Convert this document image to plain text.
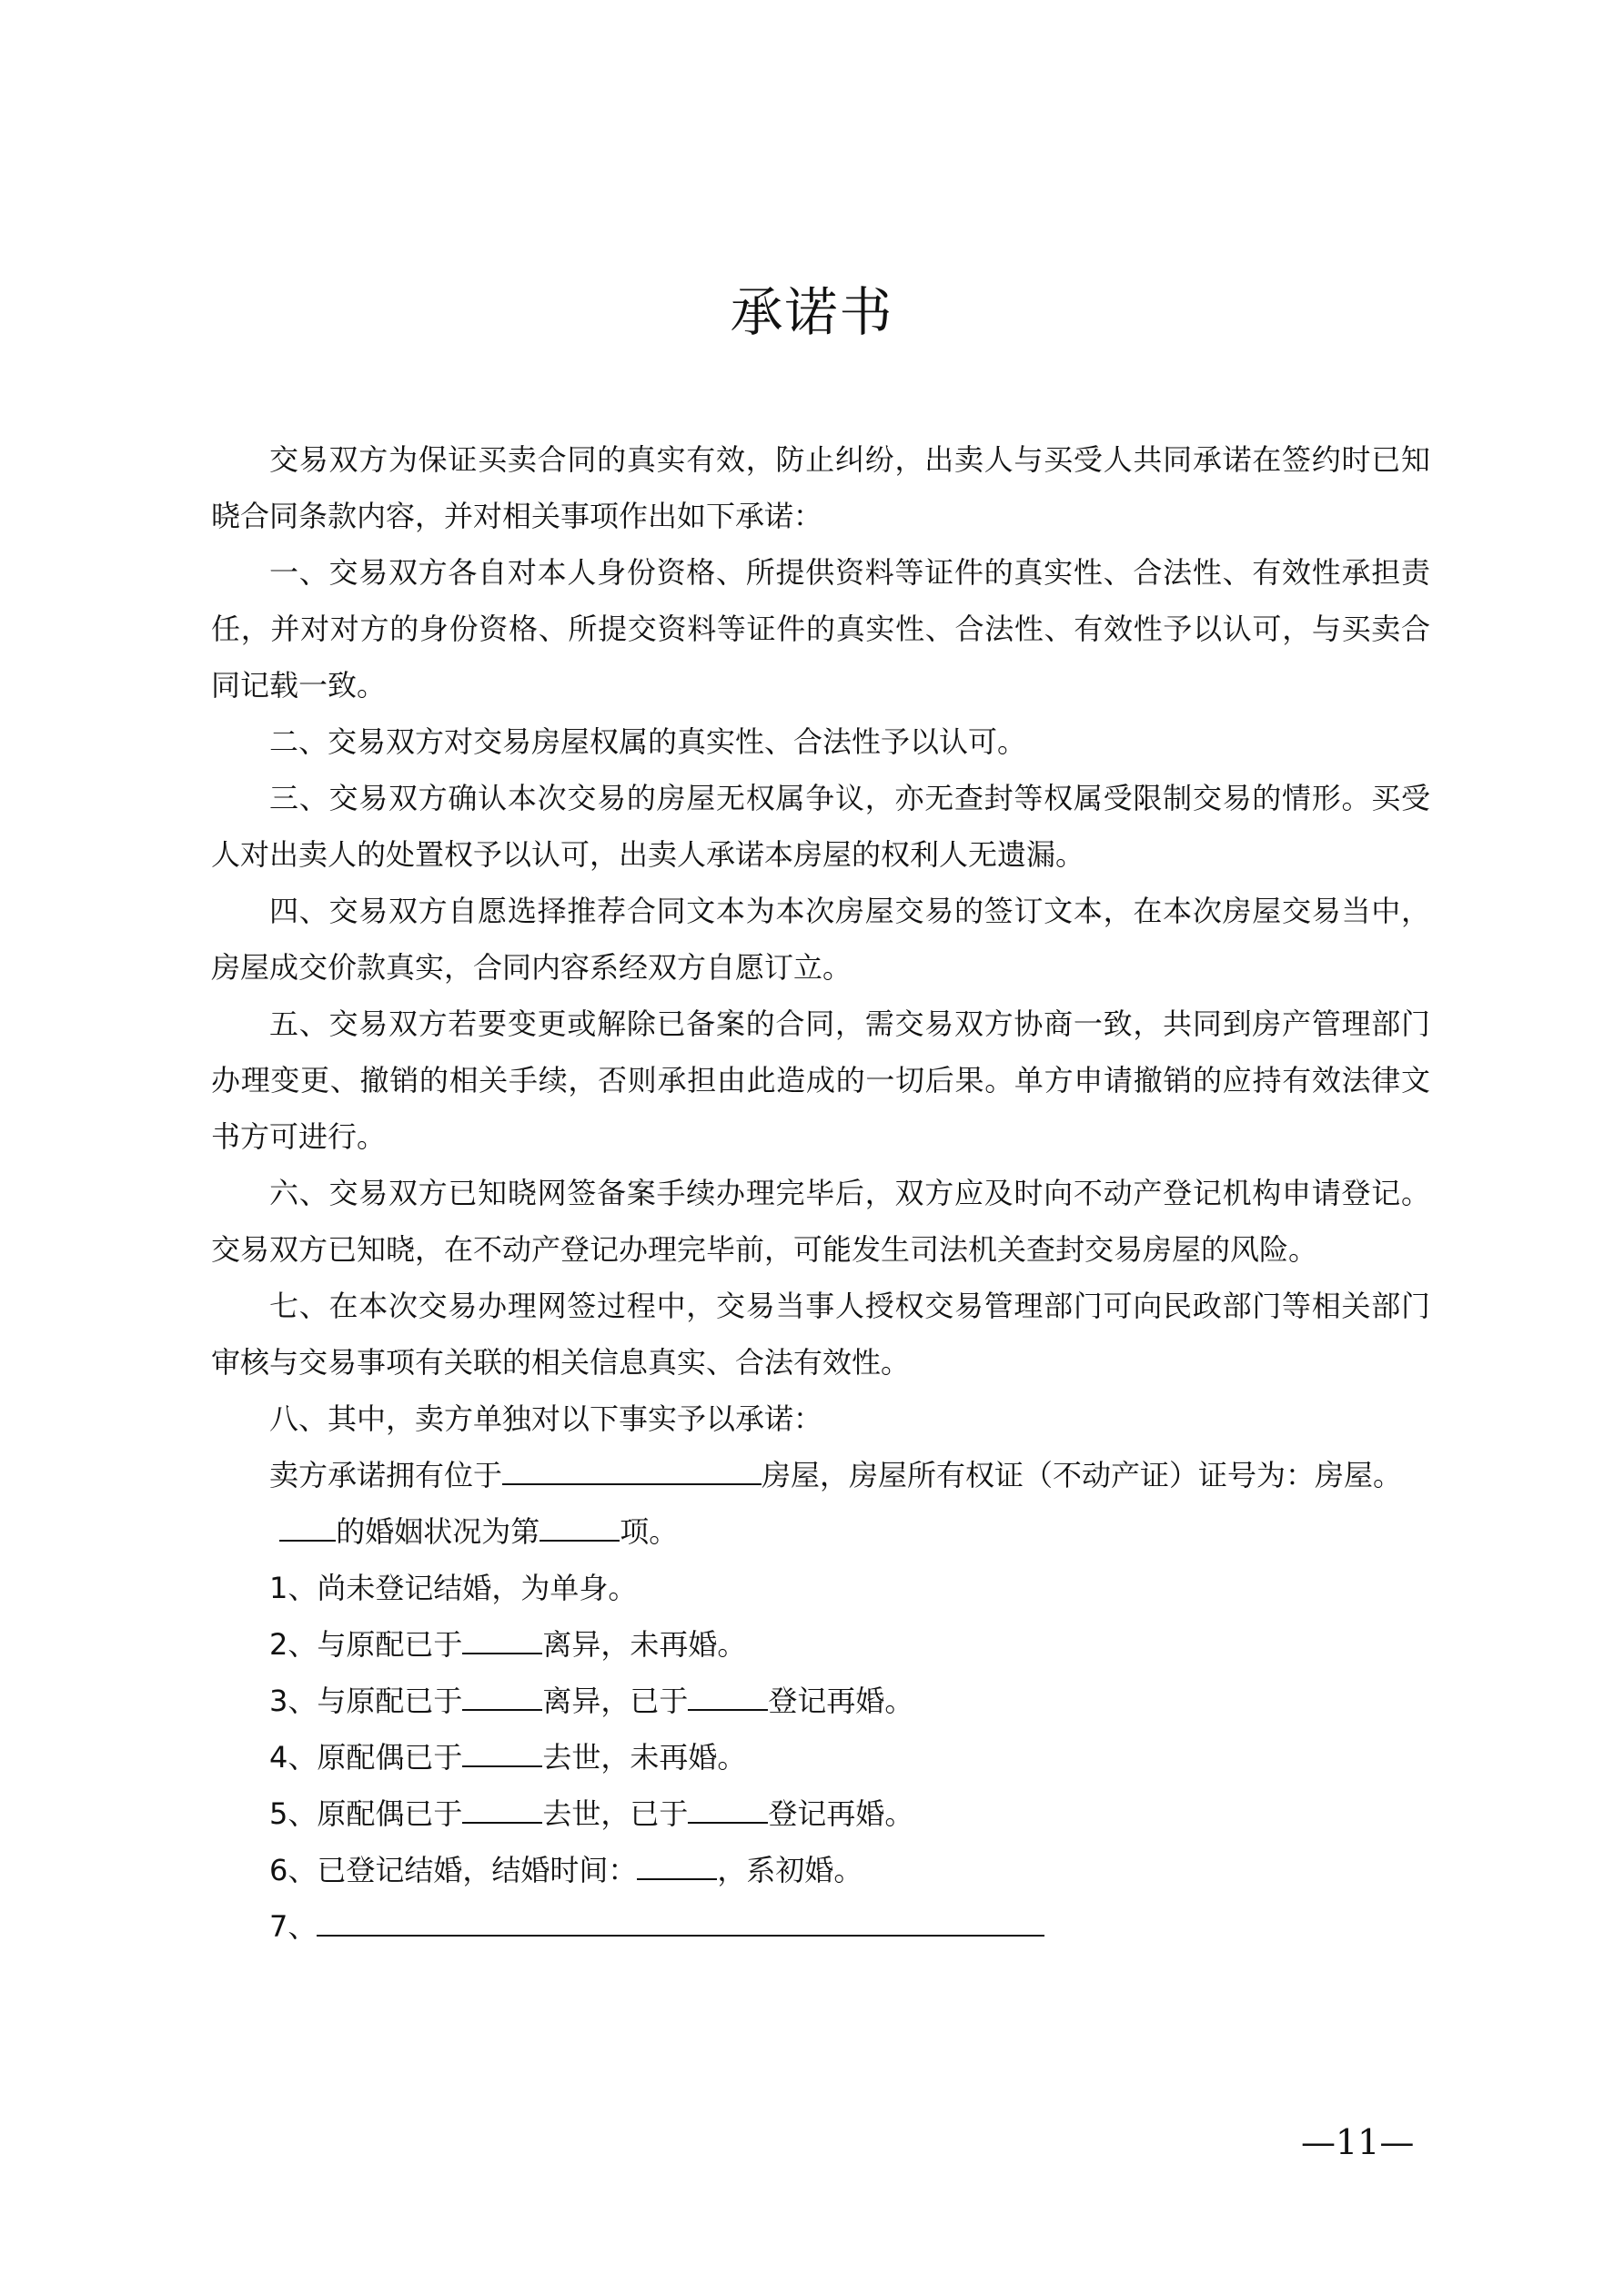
承诺书

交易双方为保证买卖合同的真实有效，防止纠纷，出卖人与买受人共同承诺在签约时已知晓合同条款内容，并对相关事项作出如下承诺：

一、交易双方各自对本人身份资格、所提供资料等证件的真实性、合法性、有效性承担责任，并对对方的身份资格、所提交资料等证件的真实性、合法性、有效性予以认可，与买卖合同记载一致。

二、交易双方对交易房屋权属的真实性、合法性予以认可。

三、交易双方确认本次交易的房屋无权属争议，亦无查封等权属受限制交易的情形。买受人对出卖人的处置权予以认可，出卖人承诺本房屋的权利人无遗漏。

四、交易双方自愿选择推荐合同文本为本次房屋交易的签订文本，在本次房屋交易当中，房屋成交价款真实，合同内容系经双方自愿订立。

五、交易双方若要变更或解除已备案的合同，需交易双方协商一致，共同到房产管理部门办理变更、撤销的相关手续，否则承担由此造成的一切后果。单方申请撤销的应持有效法律文书方可进行。

六、交易双方已知晓网签备案手续办理完毕后，双方应及时向不动产登记机构申请登记。交易双方已知晓，在不动产登记办理完毕前，可能发生司法机关查封交易房屋的风险。

七、在本次交易办理网签过程中，交易当事人授权交易管理部门可向民政部门等相关部门审核与交易事项有关联的相关信息真实、合法有效性。

八、其中，卖方单独对以下事实予以承诺：

卖方承诺拥有位于	房屋，房屋所有权证（不动产证）证号为：房屋。

的婚姻状况为第	项。

1、尚未登记结婚，为单身。

2、与原配已于	离异，未再婚。

3、与原配已于	离异，已于	登记再婚。

4、原配偶已于	去世，未再婚。

5、原配偶已于	去世，已于	登记再婚。

6、已登记结婚，结婚时间：	，系初婚。

7、

—11—
